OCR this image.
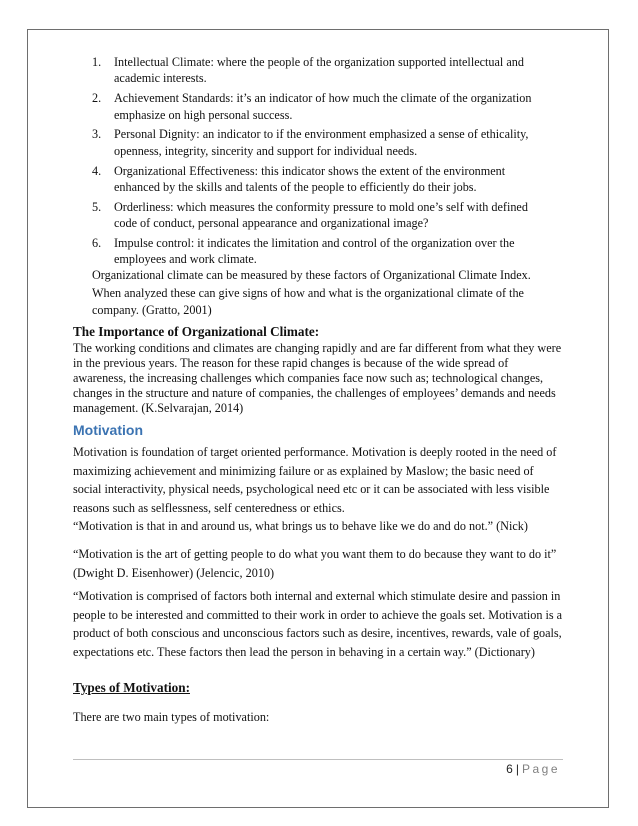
1. Intellectual Climate: where the people of the organization supported intellectual and academic interests.
2. Achievement Standards: it’s an indicator of how much the climate of the organization emphasize on high personal success.
3. Personal Dignity: an indicator to if the environment emphasized a sense of ethicality, openness, integrity, sincerity and support for individual needs.
4. Organizational Effectiveness: this indicator shows the extent of the environment enhanced by the skills and talents of the people to efficiently do their jobs.
5. Orderliness: which measures the conformity pressure to mold one’s self with defined code of conduct, personal appearance and organizational image?
6. Impulse control: it indicates the limitation and control of the organization over the employees and work climate.

Organizational climate can be measured by these factors of Organizational Climate Index. When analyzed these can give signs of how and what is the organizational climate of the company. (Gratto, 2001)

The Importance of Organizational Climate:

The working conditions and climates are changing rapidly and are far different from what they were in the previous years. The reason for these rapid changes is because of the wide spread of awareness, the increasing challenges which companies face now such as; technological changes, changes in the structure and nature of companies, the challenges of employees’ demands and needs management. (K.Selvarajan, 2014)

Motivation

Motivation is foundation of target oriented performance. Motivation is deeply rooted in the need of maximizing achievement and minimizing failure or as explained by Maslow; the basic need of social interactivity, physical needs, psychological need etc or it can be associated with less visible reasons such as selflessness, self centeredness or ethics.

“Motivation is that in and around us, what brings us to behave like we do and do not.” (Nick)

“Motivation is the art of getting people to do what you want them to do because they want to do it” (Dwight D. Eisenhower) (Jelencic, 2010)

“Motivation is comprised of factors both internal and external which stimulate desire and passion in people to be interested and committed to their work in order to achieve the goals set. Motivation is a product of both conscious and unconscious factors such as desire, incentives, rewards, vale of goals, expectations etc. These factors then lead the person in behaving in a certain way.” (Dictionary)

Types of Motivation:

There are two main types of motivation:

6 | Page
